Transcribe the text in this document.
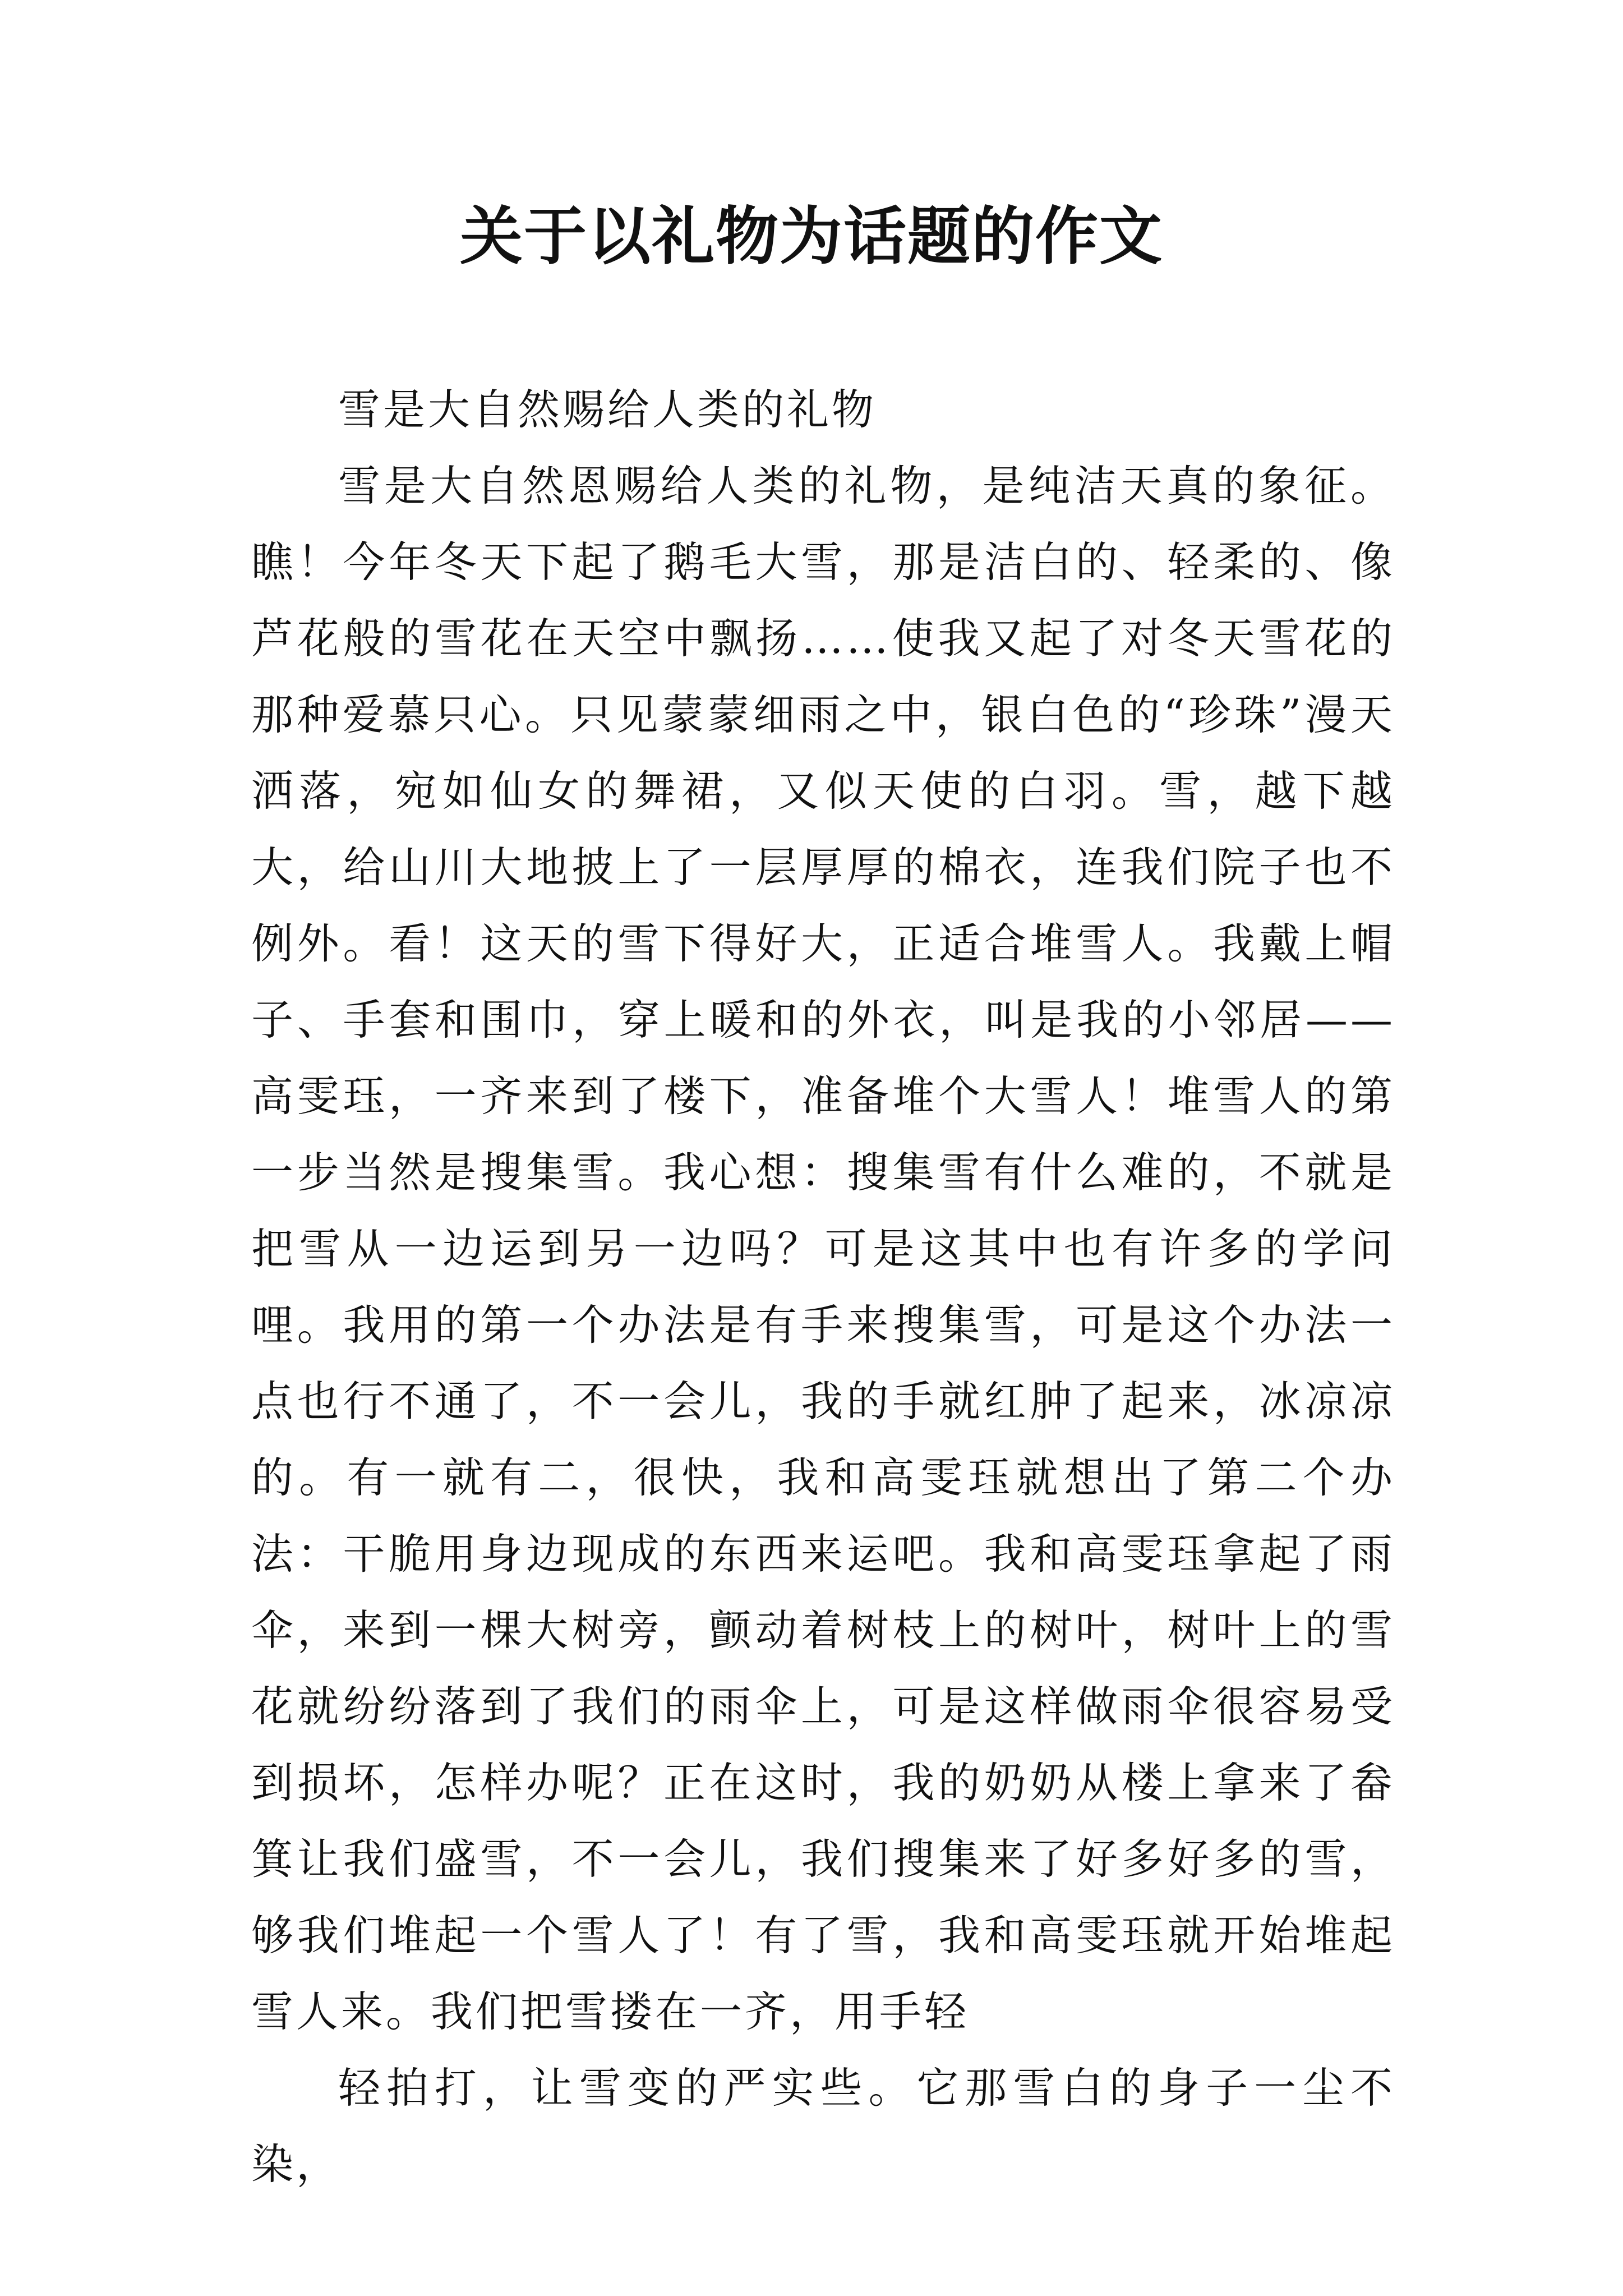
关于以礼物为话题的作文

雪是大自然赐给人类的礼物

雪是大自然恩赐给人类的礼物，是纯洁天真的象征。瞧！今年冬天下起了鹅毛大雪，那是洁白的、轻柔的、像芦花般的雪花在天空中飘扬……使我又起了对冬天雪花的那种爱慕只心。只见蒙蒙细雨之中，银白色的“珍珠”漫天洒落，宛如仙女的舞裙，又似天使的白羽。雪，越下越大，给山川大地披上了一层厚厚的棉衣，连我们院子也不例外。看！这天的雪下得好大，正适合堆雪人。我戴上帽子、手套和围巾，穿上暖和的外衣，叫是我的小邻居——高雯珏，一齐来到了楼下，准备堆个大雪人！堆雪人的第一步当然是搜集雪。我心想：搜集雪有什么难的，不就是把雪从一边运到另一边吗？可是这其中也有许多的学问哩。我用的第一个办法是有手来搜集雪，可是这个办法一点也行不通了，不一会儿，我的手就红肿了起来，冰凉凉的。有一就有二，很快，我和高雯珏就想出了第二个办法：干脆用身边现成的东西来运吧。我和高雯珏拿起了雨伞，来到一棵大树旁，颤动着树枝上的树叶，树叶上的雪花就纷纷落到了我们的雨伞上，可是这样做雨伞很容易受到损坏，怎样办呢？正在这时，我的奶奶从楼上拿来了畚箕让我们盛雪，不一会儿，我们搜集来了好多好多的雪，够我们堆起一个雪人了！有了雪，我和高雯珏就开始堆起雪人来。我们把雪搂在一齐，用手轻

轻拍打，让雪变的严实些。它那雪白的身子一尘不染，
